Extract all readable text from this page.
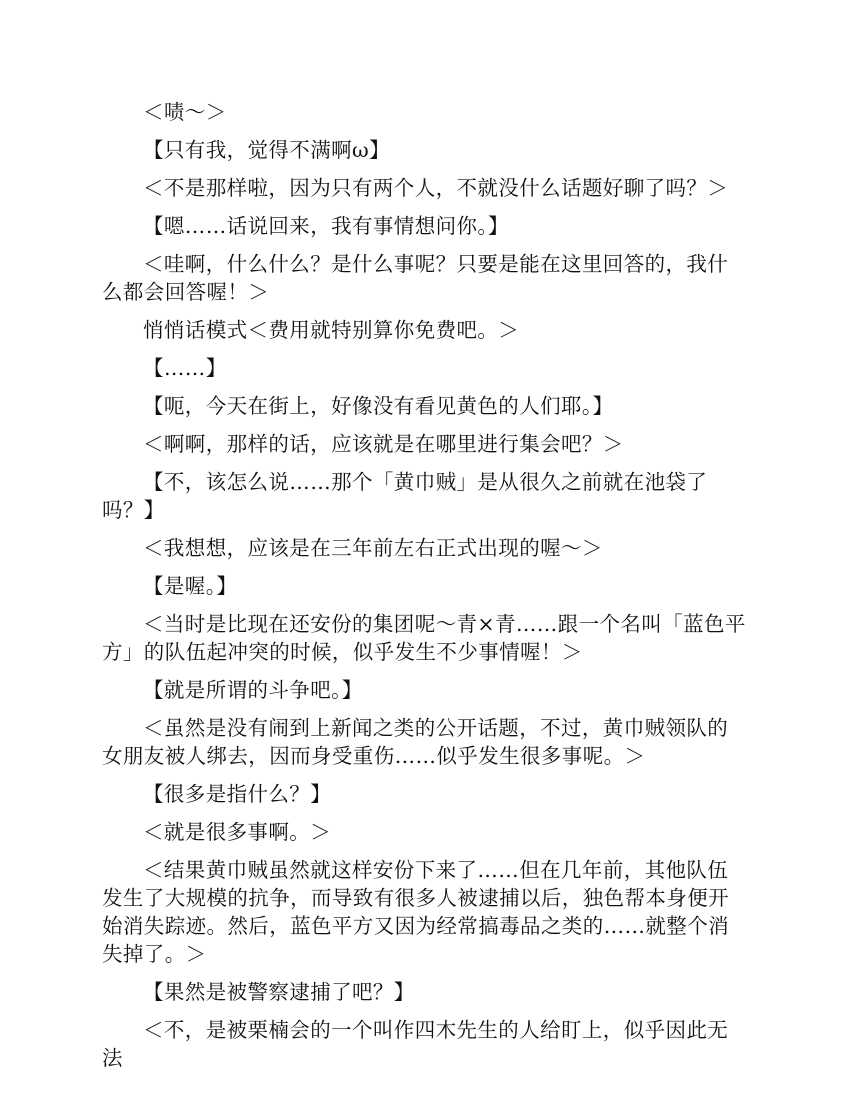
＜啧～＞

【只有我，觉得不满啊ω】

＜不是那样啦，因为只有两个人，不就没什么话题好聊了吗？＞

【嗯……话说回来，我有事情想问你。】

＜哇啊，什么什么？是什么事呢？只要是能在这里回答的，我什么都会回答喔！＞

悄悄话模式＜费用就特别算你免费吧。＞

【……】

【呃，今天在街上，好像没有看见黄色的人们耶。】

＜啊啊，那样的话，应该就是在哪里进行集会吧？＞

【不，该怎么说……那个「黄巾贼」是从很久之前就在池袋了吗？】

＜我想想，应该是在三年前左右正式出现的喔～＞

【是喔。】

＜当时是比现在还安份的集团呢～青×青……跟一个名叫「蓝色平方」的队伍起冲突的时候，似乎发生不少事情喔！＞

【就是所谓的斗争吧。】

＜虽然是没有闹到上新闻之类的公开话题，不过，黄巾贼领队的女朋友被人绑去，因而身受重伤……似乎发生很多事呢。＞

【很多是指什么？】

＜就是很多事啊。＞

＜结果黄巾贼虽然就这样安份下来了……但在几年前，其他队伍发生了大规模的抗争，而导致有很多人被逮捕以后，独色帮本身便开始消失踪迹。然后，蓝色平方又因为经常搞毒品之类的……就整个消失掉了。＞

【果然是被警察逮捕了吧？】

＜不，是被栗楠会的一个叫作四木先生的人给盯上，似乎因此无法
